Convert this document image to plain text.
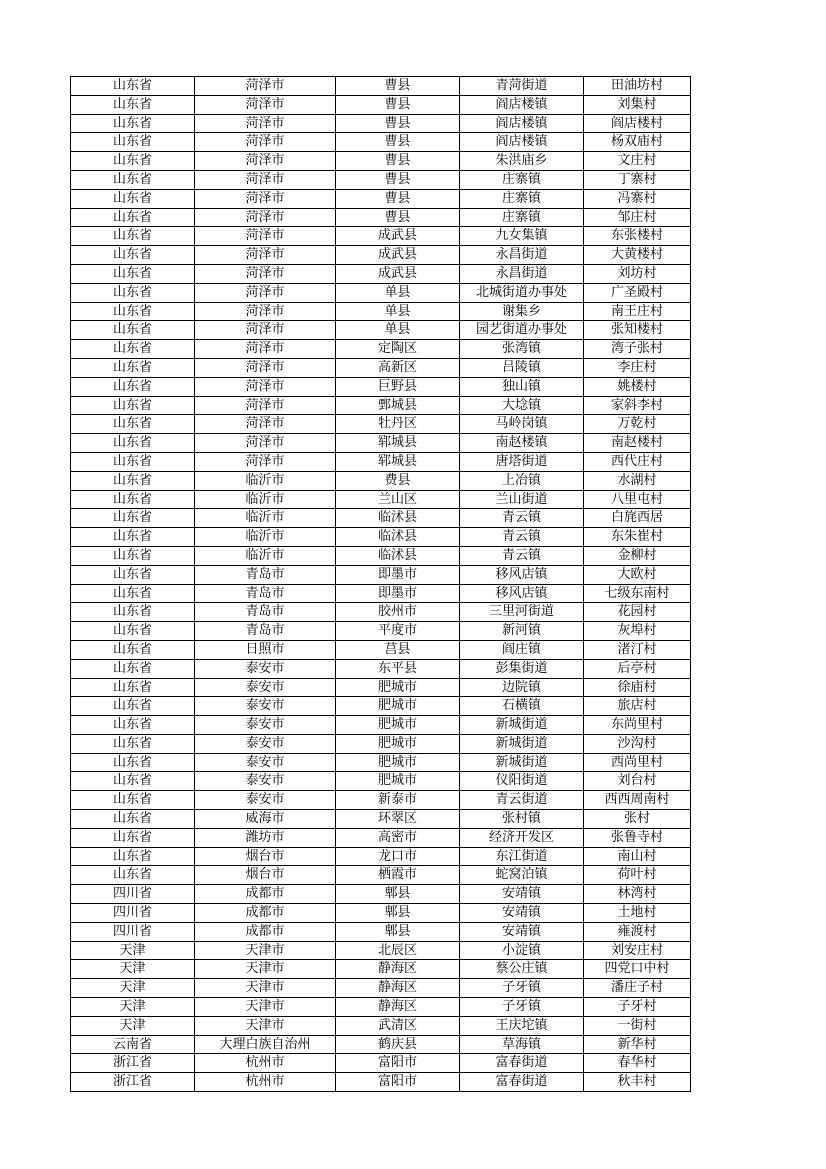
山东省	菏泽市	曹县	青菏街道	田油坊村
山东省	菏泽市	曹县	阎店楼镇	刘集村
山东省	菏泽市	曹县	阎店楼镇	阎店楼村
山东省	菏泽市	曹县	阎店楼镇	杨双庙村
山东省	菏泽市	曹县	朱洪庙乡	文庄村
山东省	菏泽市	曹县	庄寨镇	丁寨村
山东省	菏泽市	曹县	庄寨镇	冯寨村
山东省	菏泽市	曹县	庄寨镇	邹庄村
山东省	菏泽市	成武县	九女集镇	东张楼村
山东省	菏泽市	成武县	永昌街道	大黄楼村
山东省	菏泽市	成武县	永昌街道	刘坊村
山东省	菏泽市	单县	北城街道办事处	广圣殿村
山东省	菏泽市	单县	谢集乡	南王庄村
山东省	菏泽市	单县	园艺街道办事处	张知楼村
山东省	菏泽市	定陶区	张湾镇	湾子张村
山东省	菏泽市	高新区	吕陵镇	李庄村
山东省	菏泽市	巨野县	独山镇	姚楼村
山东省	菏泽市	鄄城县	大埝镇	家斜李村
山东省	菏泽市	牡丹区	马岭岗镇	万乾村
山东省	菏泽市	郓城县	南赵楼镇	南赵楼村
山东省	菏泽市	郓城县	唐塔街道	西代庄村
山东省	临沂市	费县	上冶镇	水湖村
山东省	临沂市	兰山区	兰山街道	八里屯村
山东省	临沂市	临沭县	青云镇	白旄西居
山东省	临沂市	临沭县	青云镇	东朱崔村
山东省	临沂市	临沭县	青云镇	金柳村
山东省	青岛市	即墨市	移风店镇	大欧村
山东省	青岛市	即墨市	移风店镇	七级东南村
山东省	青岛市	胶州市	三里河街道	花园村
山东省	青岛市	平度市	新河镇	灰埠村
山东省	日照市	莒县	阎庄镇	渚汀村
山东省	泰安市	东平县	彭集街道	后亭村
山东省	泰安市	肥城市	边院镇	徐庙村
山东省	泰安市	肥城市	石横镇	旅店村
山东省	泰安市	肥城市	新城街道	东尚里村
山东省	泰安市	肥城市	新城街道	沙沟村
山东省	泰安市	肥城市	新城街道	西尚里村
山东省	泰安市	肥城市	仪阳街道	刘台村
山东省	泰安市	新泰市	青云街道	西西周南村
山东省	威海市	环翠区	张村镇	张村
山东省	潍坊市	高密市	经济开发区	张鲁寺村
山东省	烟台市	龙口市	东江街道	南山村
山东省	烟台市	栖霞市	蛇窝泊镇	荷叶村
四川省	成都市	郫县	安靖镇	林湾村
四川省	成都市	郫县	安靖镇	土地村
四川省	成都市	郫县	安靖镇	雍渡村
天津	天津市	北辰区	小淀镇	刘安庄村
天津	天津市	静海区	蔡公庄镇	四党口中村
天津	天津市	静海区	子牙镇	潘庄子村
天津	天津市	静海区	子牙镇	子牙村
天津	天津市	武清区	王庆坨镇	一街村
云南省	大理白族自治州	鹤庆县	草海镇	新华村
浙江省	杭州市	富阳市	富春街道	春华村
浙江省	杭州市	富阳市	富春街道	秋丰村
